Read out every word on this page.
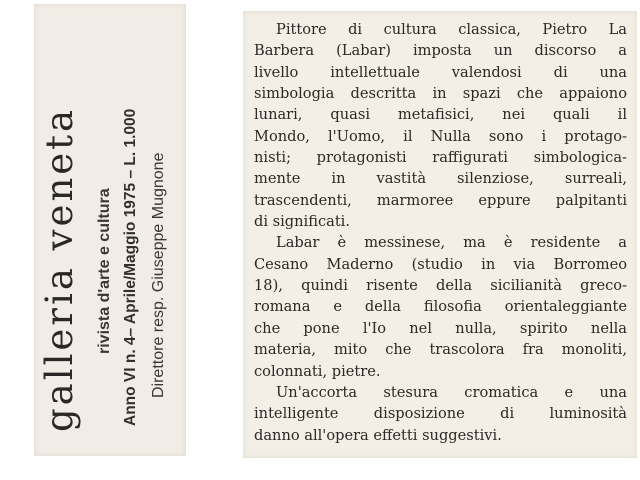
galleria veneta rivista d'arte e cultura Anno VI n. 4– Aprile/Maggio 1975 – L. 1.000 Direttore resp. Giuseppe Mugnone
Pittore di cultura classica, Pietro La
Barbera (Labar) imposta un discorso a
livello intellettuale valendosi di una
simbologia descritta in spazi che appaiono
lunari, quasi metafisici, nei quali il
Mondo, l'Uomo, il Nulla sono i protago-
nisti; protagonisti raffigurati simbologica-
mente in vastità silenziose, surreali,
trascendenti, marmoree eppure palpitanti
di significati.
Labar è messinese, ma è residente a
Cesano Maderno (studio in via Borromeo
18), quindi risente della sicilianità greco-
romana e della filosofia orientaleggiante
che pone l'Io nel nulla, spirito nella
materia, mito che trascolora fra monoliti,
colonnati, pietre.
Un'accorta stesura cromatica e una
intelligente disposizione di luminosità
danno all'opera effetti suggestivi.
